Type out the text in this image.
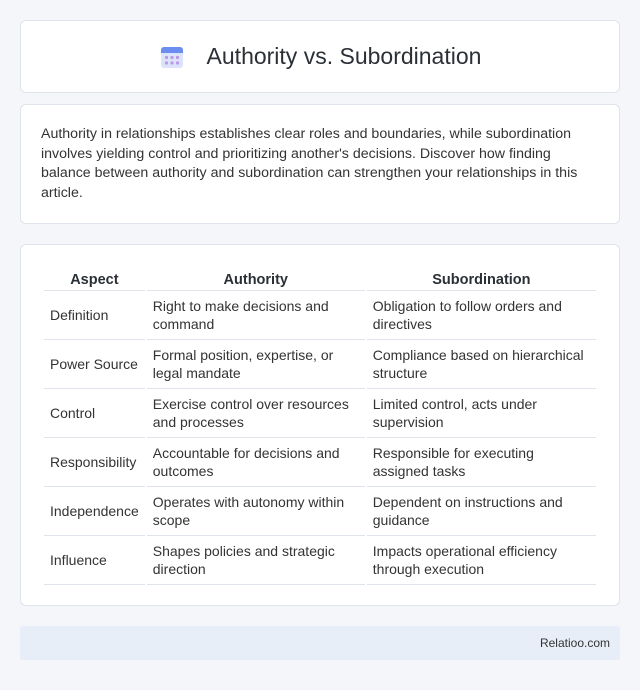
Authority vs. Subordination

Authority in relationships establishes clear roles and boundaries, while subordination involves yielding control and prioritizing another's decisions. Discover how finding balance between authority and subordination can strengthen your relationships in this article.

Aspect	Authority	Subordination
Definition	Right to make decisions and command	Obligation to follow orders and directives
Power Source	Formal position, expertise, or legal mandate	Compliance based on hierarchical structure
Control	Exercise control over resources and processes	Limited control, acts under supervision
Responsibility	Accountable for decisions and outcomes	Responsible for executing assigned tasks
Independence	Operates with autonomy within scope	Dependent on instructions and guidance
Influence	Shapes policies and strategic direction	Impacts operational efficiency through execution
Relatioo.com
